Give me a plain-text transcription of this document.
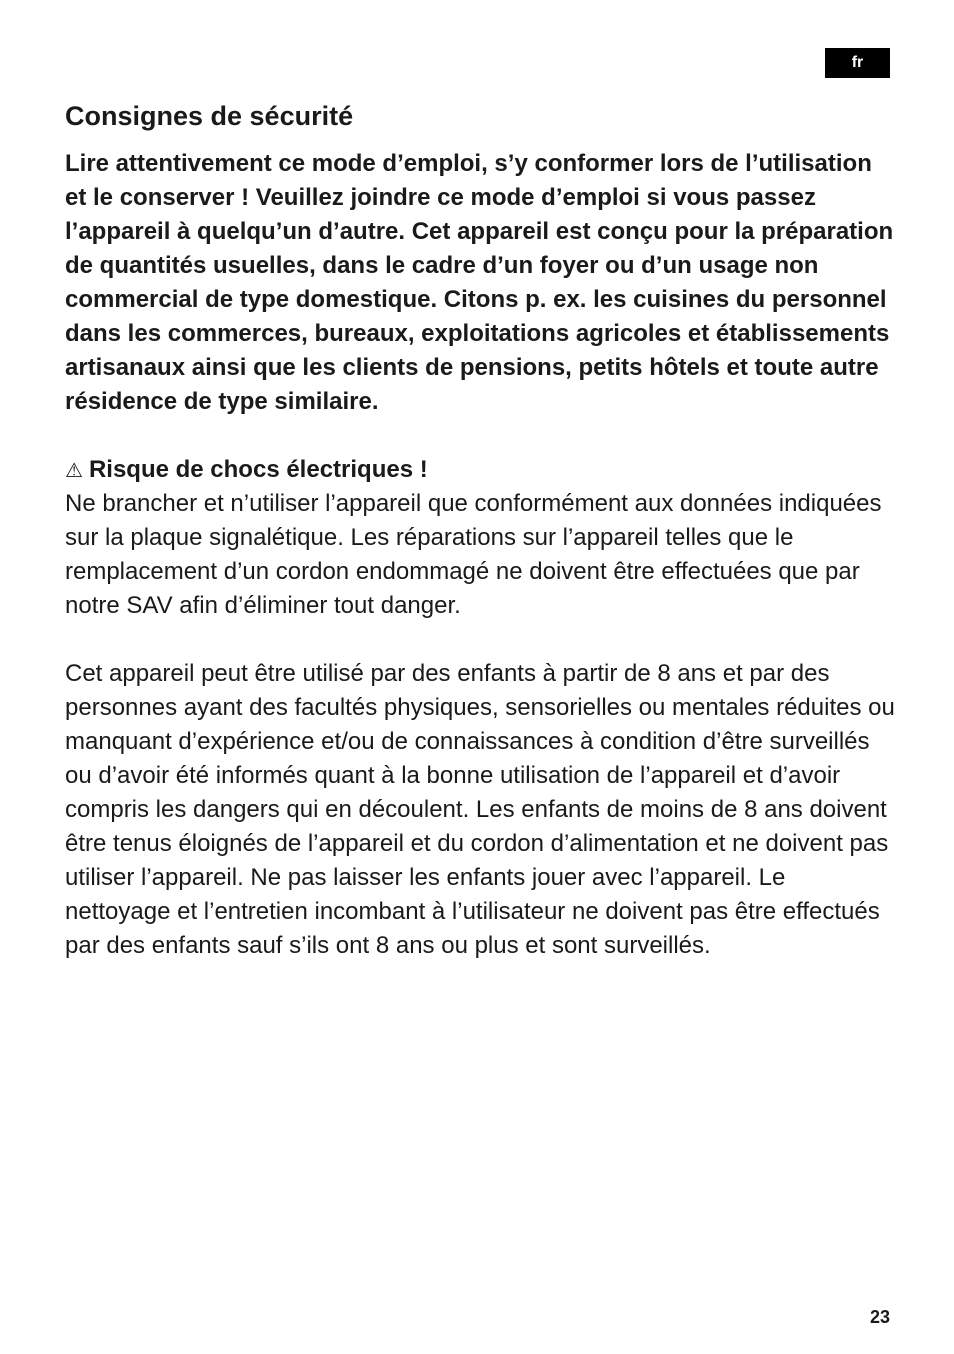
fr
Consignes de sécurité

Lire attentivement ce mode d’emploi, s’y conformer lors de l’utilisation et le conserver ! Veuillez joindre ce mode d’emploi si vous passez l’appareil à quelqu’un d’autre. Cet appareil est conçu pour la préparation de quantités usuelles, dans le cadre d’un foyer ou d’un usage non commercial de type domestique. Citons p. ex. les cuisines du personnel dans les commerces, bureaux, exploitations agricoles et établissements artisanaux ainsi que les clients de pensions, petits hôtels et toute autre résidence de type similaire.

⚠ Risque de chocs électriques !

Ne brancher et n’utiliser l’appareil que conformément aux données indiquées sur la plaque signalétique. Les réparations sur l’appareil telles que le remplacement d’un cordon endommagé ne doivent être effectuées que par notre SAV afin d’éliminer tout danger.

Cet appareil peut être utilisé par des enfants à partir de 8 ans et par des personnes ayant des facultés physiques, sensorielles ou mentales réduites ou manquant d’expérience et/ou de connaissances à condition d’être surveillés ou d’avoir été informés quant à la bonne utilisation de l’appareil et d’avoir compris les dangers qui en découlent. Les enfants de moins de 8 ans doivent être tenus éloignés de l’appareil et du cordon d’alimentation et ne doivent pas utiliser l’appareil. Ne pas laisser les enfants jouer avec l’appareil. Le nettoyage et l’entretien incombant à l’utilisateur ne doivent pas être effectués par des enfants sauf s’ils ont 8 ans ou plus et sont surveillés.

23
